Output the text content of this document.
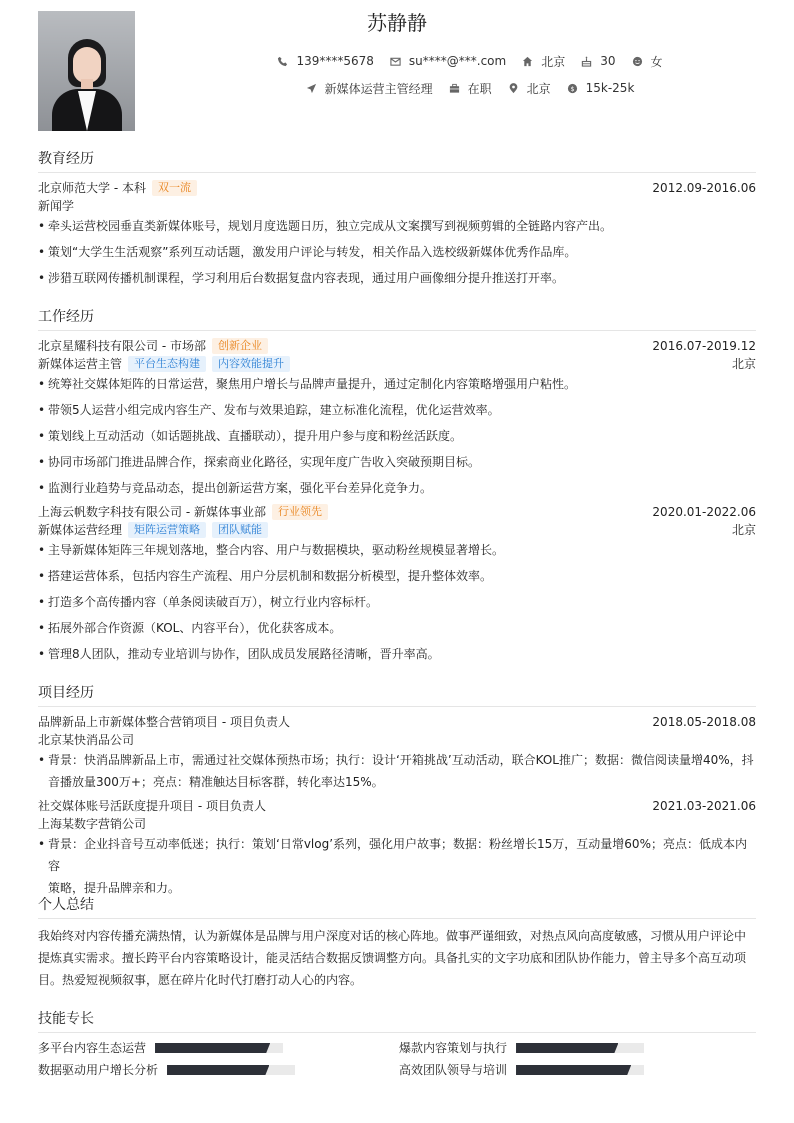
苏静静
139****5678	su****@***.com	北京	30	女
新媒体运营主管经理	在职	北京	$ 15k-25k
教育经历
北京师范大学 - 本科	双一流	2012.09-2016.06
新闻学
• 牵头运营校园垂直类新媒体账号，规划月度选题日历，独立完成从文案撰写到视频剪辑的全链路内容产出。
• 策划“大学生生活观察”系列互动话题，激发用户评论与转发，相关作品入选校级新媒体优秀作品库。
• 涉猎互联网传播机制课程，学习利用后台数据复盘内容表现，通过用户画像细分提升推送打开率。
工作经历
北京星耀科技有限公司 - 市场部	创新企业	2016.07-2019.12
新媒体运营主管	平台生态构建	内容效能提升	北京
• 统筹社交媒体矩阵的日常运营，聚焦用户增长与品牌声量提升，通过定制化内容策略增强用户粘性。
• 带领5人运营小组完成内容生产、发布与效果追踪，建立标准化流程，优化运营效率。
• 策划线上互动活动（如话题挑战、直播联动），提升用户参与度和粉丝活跃度。
• 协同市场部门推进品牌合作，探索商业化路径，实现年度广告收入突破预期目标。
• 监测行业趋势与竞品动态，提出创新运营方案，强化平台差异化竞争力。
上海云帆数字科技有限公司 - 新媒体事业部	行业领先	2020.01-2022.06
新媒体运营经理	矩阵运营策略	团队赋能	北京
• 主导新媒体矩阵三年规划落地，整合内容、用户与数据模块，驱动粉丝规模显著增长。
• 搭建运营体系，包括内容生产流程、用户分层机制和数据分析模型，提升整体效率。
• 打造多个高传播内容（单条阅读破百万），树立行业内容标杆。
• 拓展外部合作资源（KOL、内容平台），优化获客成本。
• 管理8人团队，推动专业培训与协作，团队成员发展路径清晰，晋升率高。
项目经历
品牌新品上市新媒体整合营销项目 - 项目负责人	2018.05-2018.08
北京某快消品公司
• 背景：快消品牌新品上市，需通过社交媒体预热市场；执行：设计‘开箱挑战’互动活动，联合KOL推广；数据：微信阅读量增40%，抖
音播放量300万+；亮点：精准触达目标客群，转化率达15%。
社交媒体账号活跃度提升项目 - 项目负责人	2021.03-2021.06
上海某数字营销公司
• 背景：企业抖音号互动率低迷；执行：策划‘日常vlog’系列，强化用户故事；数据：粉丝增长15万，互动量增60%；亮点：低成本内容
策略，提升品牌亲和力。
个人总结
我始终对内容传播充满热情，认为新媒体是品牌与用户深度对话的核心阵地。做事严谨细致，对热点风向高度敏感，习惯从用户评论中
提炼真实需求。擅长跨平台内容策略设计，能灵活结合数据反馈调整方向。具备扎实的文字功底和团队协作能力，曾主导多个高互动项
目。热爱短视频叙事，愿在碎片化时代打磨打动人心的内容。
技能专长
多平台内容生态运营	爆款内容策划与执行
数据驱动用户增长分析	高效团队领导与培训
